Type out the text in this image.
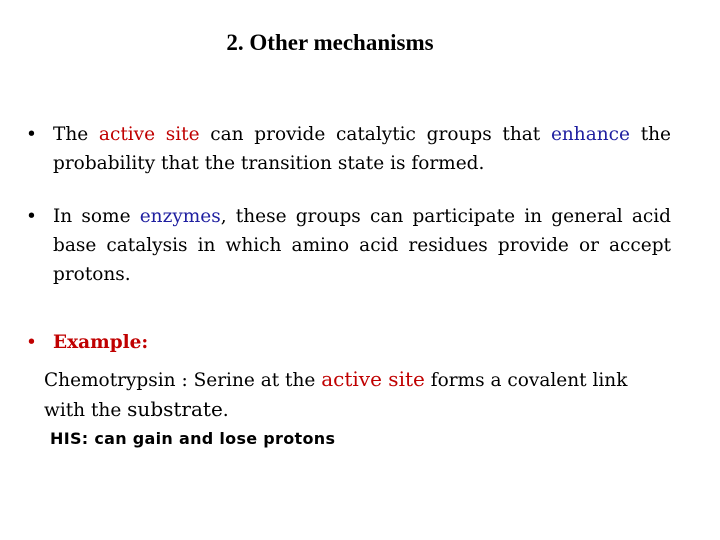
2. Other mechanisms
• The active site can provide catalytic groups that enhance the probability that the transition state is formed.
• In some enzymes, these groups can participate in general acid base catalysis in which amino acid residues provide or accept protons.
• Example:
Chemotrypsin : Serine at the active site forms a covalent link with the substrate.
HIS: can gain and lose protons
